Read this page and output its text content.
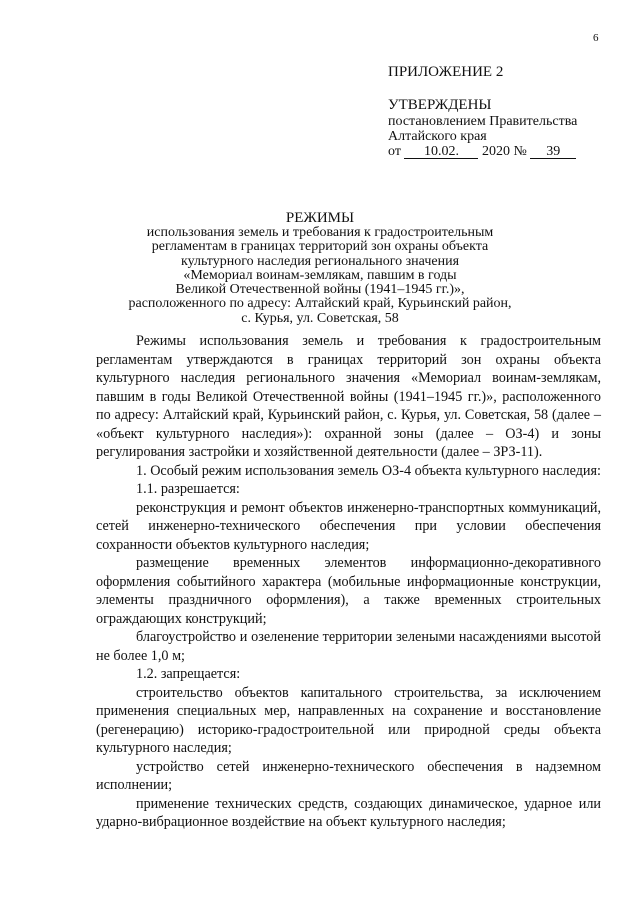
6
ПРИЛОЖЕНИЕ 2
УТВЕРЖДЕНЫ
постановлением Правительства
Алтайского края
от 10.02. 2020 № 39
РЕЖИМЫ
использования земель и требования к градостроительным
регламентам в границах территорий зон охраны объекта
культурного наследия регионального значения
«Мемориал воинам-землякам, павшим в годы
Великой Отечественной войны (1941–1945 гг.)»,
расположенного по адресу: Алтайский край, Курьинский район,
с. Курья, ул. Советская, 58

Режимы использования земель и требования к градостроительным регламентам утверждаются в границах территорий зон охраны объекта культурного наследия регионального значения «Мемориал воинам-землякам, павшим в годы Великой Отечественной войны (1941–1945 гг.)», расположенного по адресу: Алтайский край, Курьинский район, с. Курья, ул. Советская, 58 (далее – «объект культурного наследия»): охранной зоны (далее – ОЗ-4) и зоны регулирования застройки и хозяйственной деятельности (далее – ЗРЗ-11).

1. Особый режим использования земель ОЗ-4 объекта культурного наследия:

1.1. разрешается:

реконструкция и ремонт объектов инженерно-транспортных коммуникаций, сетей инженерно-технического обеспечения при условии обеспечения сохранности объектов культурного наследия;

размещение временных элементов информационно-декоративного оформления событийного характера (мобильные информационные конструкции, элементы праздничного оформления), а также временных строительных ограждающих конструкций;

благоустройство и озеленение территории зелеными насаждениями высотой не более 1,0 м;

1.2. запрещается:

строительство объектов капитального строительства, за исключением применения специальных мер, направленных на сохранение и восстановление (регенерацию) историко-градостроительной или природной среды объекта культурного наследия;

устройство сетей инженерно-технического обеспечения в надземном исполнении;

применение технических средств, создающих динамическое, ударное или ударно-вибрационное воздействие на объект культурного наследия;
